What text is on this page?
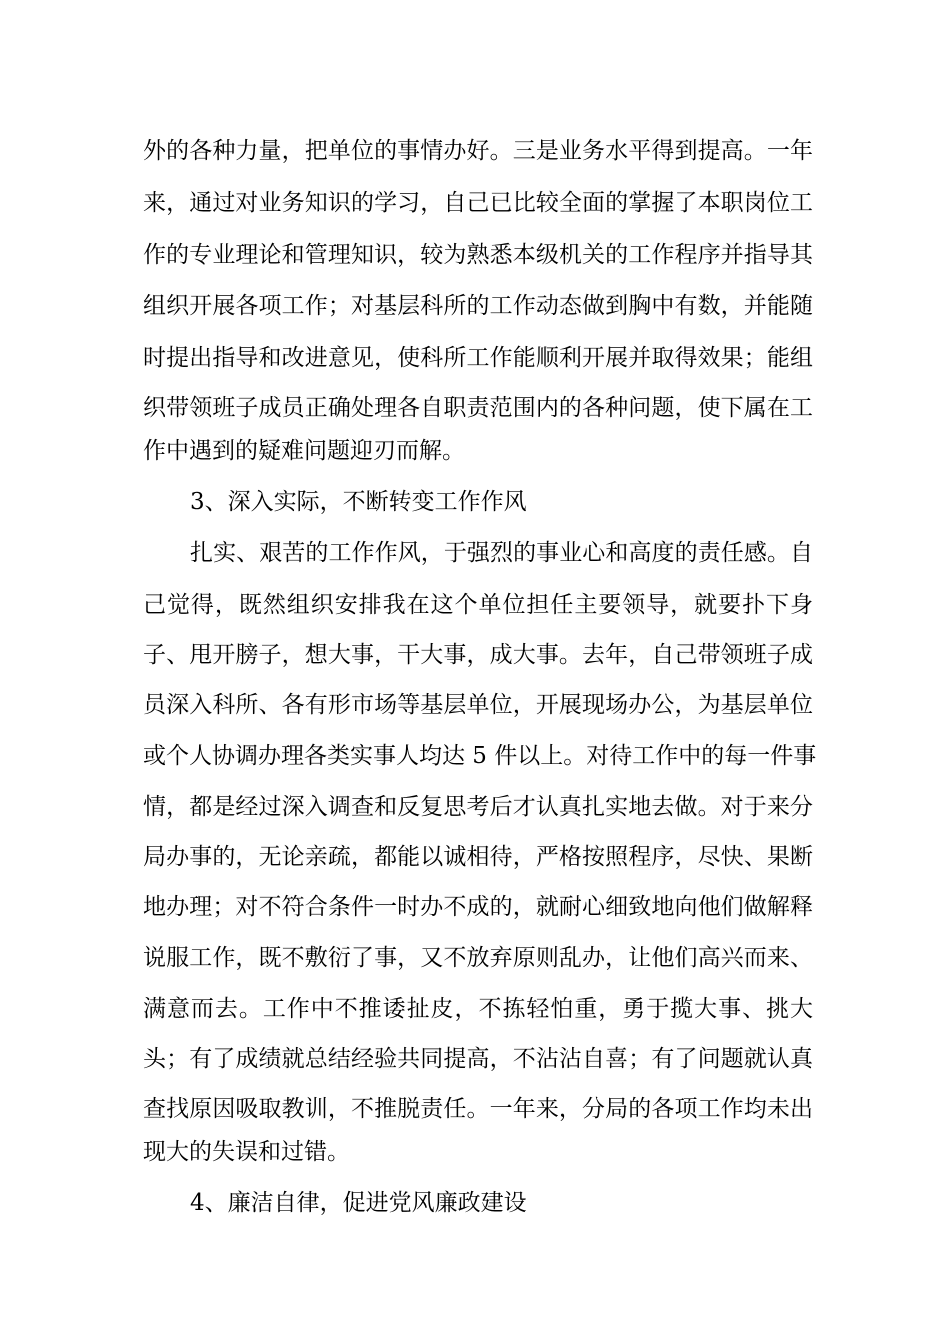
外的各种力量，把单位的事情办好。三是业务水平得到提高。一年
来，通过对业务知识的学习，自己已比较全面的掌握了本职岗位工
作的专业理论和管理知识，较为熟悉本级机关的工作程序并指导其
组织开展各项工作；对基层科所的工作动态做到胸中有数，并能随
时提出指导和改进意见，使科所工作能顺利开展并取得效果；能组
织带领班子成员正确处理各自职责范围内的各种问题，使下属在工
作中遇到的疑难问题迎刃而解。
3、深入实际，不断转变工作作风
扎实、艰苦的工作作风，于强烈的事业心和高度的责任感。自
己觉得，既然组织安排我在这个单位担任主要领导，就要扑下身
子、甩开膀子，想大事，干大事，成大事。去年，自己带领班子成
员深入科所、各有形市场等基层单位，开展现场办公，为基层单位
或个人协调办理各类实事人均达 5 件以上。对待工作中的每一件事
情，都是经过深入调查和反复思考后才认真扎实地去做。对于来分
局办事的，无论亲疏，都能以诚相待，严格按照程序，尽快、果断
地办理；对不符合条件一时办不成的，就耐心细致地向他们做解释
说服工作，既不敷衍了事，又不放弃原则乱办，让他们高兴而来、
满意而去。工作中不推诿扯皮，不拣轻怕重，勇于揽大事、挑大
头；有了成绩就总结经验共同提高，不沾沾自喜；有了问题就认真
查找原因吸取教训，不推脱责任。一年来，分局的各项工作均未出
现大的失误和过错。
4、廉洁自律，促进党风廉政建设
